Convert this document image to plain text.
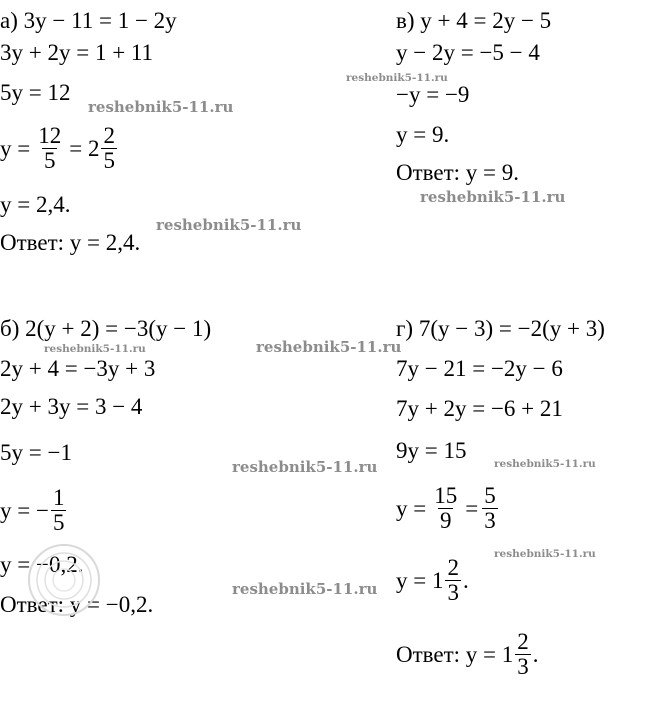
а) 3y − 11 = 1 − 2y
3y + 2y = 1 + 11
5y = 12
$y = \frac{12}{5} = 2 \frac{2}{5}$
y = 2,4.
Ответ: y = 2,4.
в) y + 4 = 2y − 5
y − 2y = −5 − 4
−y = −9
y = 9.
Ответ: y = 9.
б) 2(y + 2) = −3(y − 1)
2y + 4 = −3y + 3
2y + 3y = 3 − 4
5y = −1
y = − $\frac{1}{5}$
y = −0,2.
Ответ: y = −0,2.
г) 7(y − 3) = −2(y + 3)
7y − 21 = −2y − 6
7y + 2y = −6 + 21
9y = 15
$y = \frac{15}{9} = \frac{5}{3}$
$y = 1 \frac{2}{3}$ .
Ответ: $y = 1 \frac{2}{3}$ .
reshebnik5-11.ru
reshebnik5-11.ru
reshebnik5-11.ru
reshebnik5-11.ru
reshebnik5-11.ru	reshebnik5-11.ru
reshebnik5-11.ru	reshebnik5-11.ru
reshebnik5-11.ru
reshebnik5-11.ru
